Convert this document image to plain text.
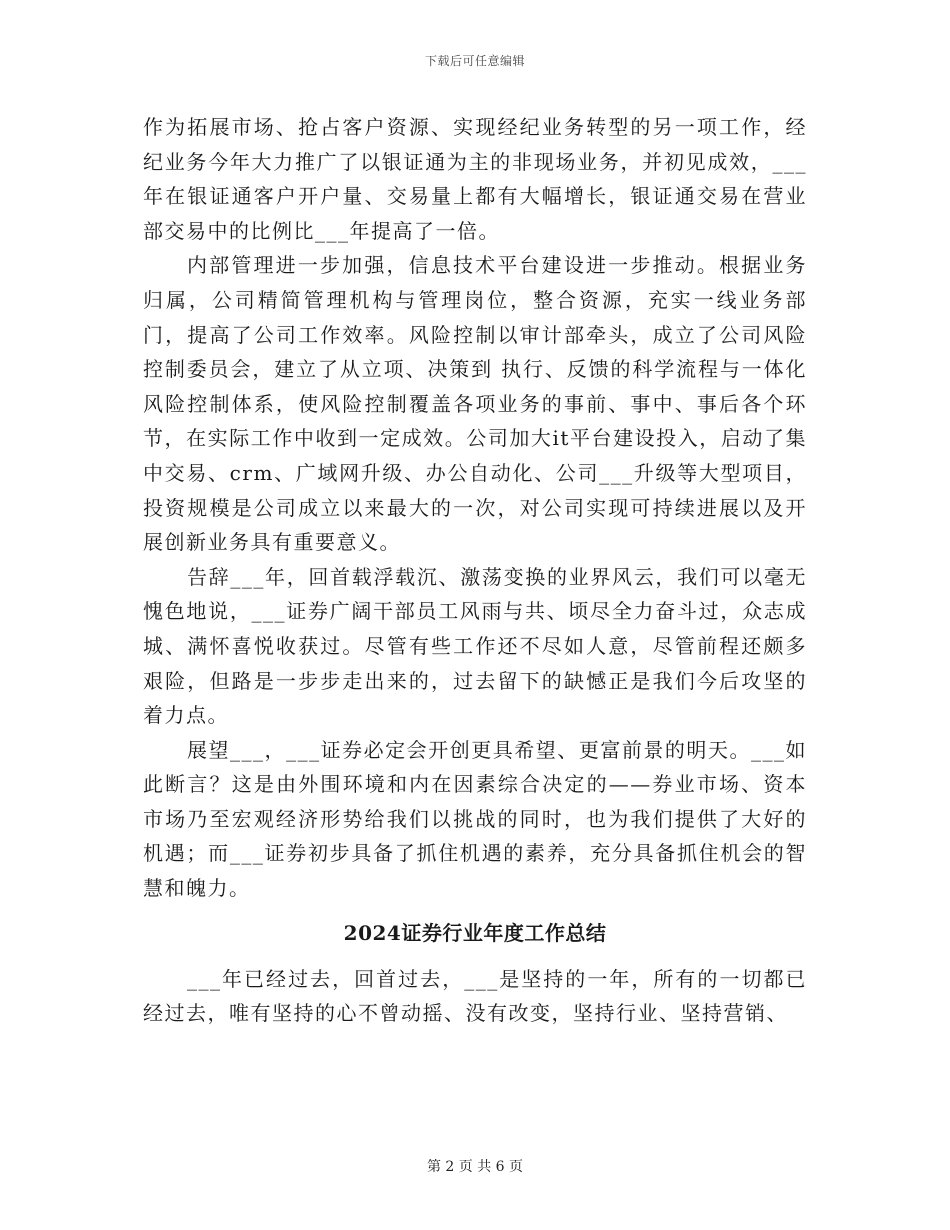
下载后可任意编辑

作为拓展市场、抢占客户资源、实现经纪业务转型的另一项工作，经纪业务今年大力推广了以银证通为主的非现场业务，并初见成效，___年在银证通客户开户量、交易量上都有大幅增长，银证通交易在营业部交易中的比例比___年提高了一倍。

内部管理进一步加强，信息技术平台建设进一步推动。根据业务归属，公司精简管理机构与管理岗位，整合资源，充实一线业务部门，提高了公司工作效率。风险控制以审计部牵头，成立了公司风险控制委员会，建立了从立项、决策到 执行、反馈的科学流程与一体化风险控制体系，使风险控制覆盖各项业务的事前、事中、事后各个环节，在实际工作中收到一定成效。公司加大it平台建设投入，启动了集中交易、crm、广域网升级、办公自动化、公司___升级等大型项目，投资规模是公司成立以来最大的一次，对公司实现可持续进展以及开展创新业务具有重要意义。

告辞___年，回首载浮载沉、激荡变换的业界风云，我们可以毫无愧色地说，___证券广阔干部员工风雨与共、顷尽全力奋斗过，众志成城、满怀喜悦收获过。尽管有些工作还不尽如人意，尽管前程还颇多艰险，但路是一步步走出来的，过去留下的缺憾正是我们今后攻坚的着力点。

展望___，___证券必定会开创更具希望、更富前景的明天。___如此断言？这是由外围环境和内在因素综合决定的——券业市场、资本市场乃至宏观经济形势给我们以挑战的同时，也为我们提供了大好的机遇；而___证券初步具备了抓住机遇的素养，充分具备抓住机会的智慧和魄力。

2024证券行业年度工作总结

___年已经过去，回首过去，___是坚持的一年，所有的一切都已经过去，唯有坚持的心不曾动摇、没有改变，坚持行业、坚持营销、

第 2 页 共 6 页
